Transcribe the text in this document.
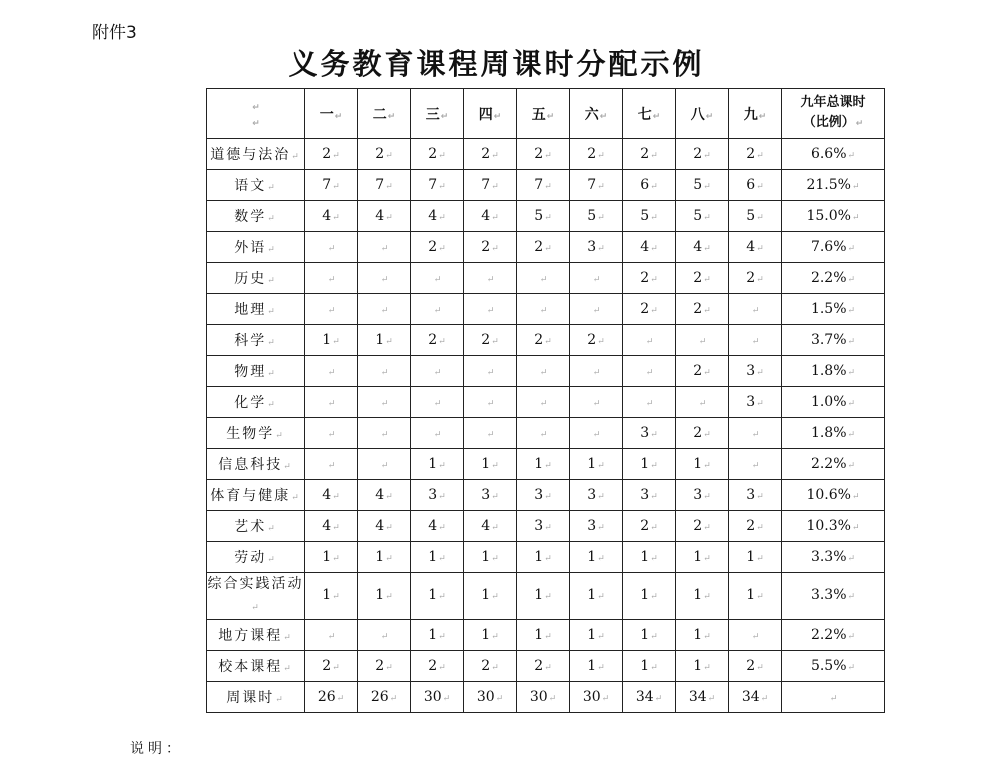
附件3
义务教育课程周课时分配示例
↵
↵	一↵	二↵	三↵	四↵	五↵	六↵	七↵	八↵	九↵	九年总课时
（比例）↵
道德与法治↵	2↵	2↵	2↵	2↵	2↵	2↵	2↵	2↵	2↵	6.6%↵
语文↵	7↵	7↵	7↵	7↵	7↵	7↵	6↵	5↵	6↵	21.5%↵
数学↵	4↵	4↵	4↵	4↵	5↵	5↵	5↵	5↵	5↵	15.0%↵
外语↵	↵	↵	2↵	2↵	2↵	3↵	4↵	4↵	4↵	7.6%↵
历史↵	↵	↵	↵	↵	↵	↵	2↵	2↵	2↵	2.2%↵
地理↵	↵	↵	↵	↵	↵	↵	2↵	2↵	↵	1.5%↵
科学↵	1↵	1↵	2↵	2↵	2↵	2↵	↵	↵	↵	3.7%↵
物理↵	↵	↵	↵	↵	↵	↵	↵	2↵	3↵	1.8%↵
化学↵	↵	↵	↵	↵	↵	↵	↵	↵	3↵	1.0%↵
生物学↵	↵	↵	↵	↵	↵	↵	3↵	2↵	↵	1.8%↵
信息科技↵	↵	↵	1↵	1↵	1↵	1↵	1↵	1↵	↵	2.2%↵
体育与健康↵	4↵	4↵	3↵	3↵	3↵	3↵	3↵	3↵	3↵	10.6%↵
艺术↵	4↵	4↵	4↵	4↵	3↵	3↵	2↵	2↵	2↵	10.3%↵
劳动↵	1↵	1↵	1↵	1↵	1↵	1↵	1↵	1↵	1↵	3.3%↵
综合实践活动↵	1↵	1↵	1↵	1↵	1↵	1↵	1↵	1↵	1↵	3.3%↵
地方课程↵	↵	↵	1↵	1↵	1↵	1↵	1↵	1↵	↵	2.2%↵
校本课程↵	2↵	2↵	2↵	2↵	2↵	1↵	1↵	1↵	2↵	5.5%↵
周课时↵	26↵	26↵	30↵	30↵	30↵	30↵	34↵	34↵	34↵	↵
说明：
